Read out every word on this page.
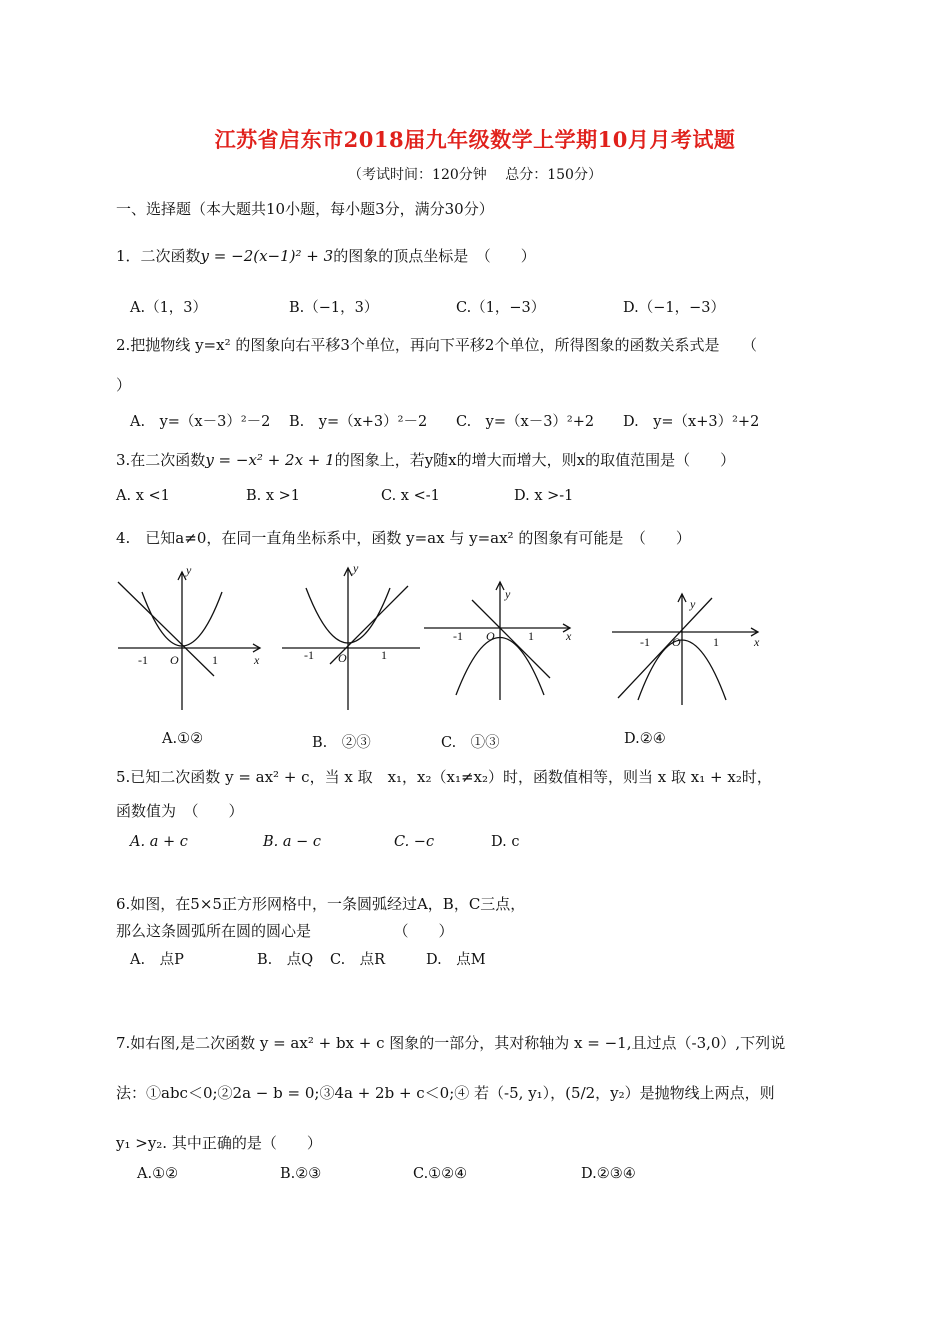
江苏省启东市2018届九年级数学上学期10月月考试题
（考试时间：120分钟　 总分：150分）
一、选择题（本大题共10小题，每小题3分，满分30分）
1．二次函数y = −2(x−1)² + 3的图象的顶点坐标是　（　　）
A.（1，3）	B.（−1，3）	C.（1，−3）	D.（−1，−3）
2.把抛物线 y=x² 的图象向右平移3个单位，再向下平移2个单位，所得图象的函数关系式是　　（
）
A.　y=（x－3）²－2 B.　y=（x+3）²－2 C.　y=（x－3）²+2 D.　y=（x+3）²+2
3.在二次函数y = −x² + 2x + 1的图象上，若y随x的增大而增大，则x的取值范围是（　　）
A. x <1	B. x >1	C. x <-1	D. x >-1
4.　已知a≠0，在同一直角坐标系中，函数 y=ax 与 y=ax² 的图象有可能是　（　　）
y
x
-1	1
O
y
-1	1
O
y
x
-1	1
O
y
x
-1	1
O
A.①②	B.　②③	C.　①③	D.②④
5.已知二次函数 y = ax² + c，当 x 取　x₁，x₂（x₁≠x₂）时，函数值相等，则当 x 取 x₁ + x₂时，
函数值为　（　　）
A. a + c	B. a − c	C. −c	D. c
6.如图，在5×5正方形网格中，一条圆弧经过A，B，C三点，
那么这条圆弧所在圆的圆心是　　　　　　（　　）
A.　点P	B.　点Q C.　点R	D.　点M
7.如右图,是二次函数 y = ax² + bx + c 图象的一部分，其对称轴为 x = −1,且过点（-3,0）,下列说
法：①abc＜0;②2a − b = 0;③4a + 2b + c＜0;④ 若（-5, y₁），(5/2，y₂）是抛物线上两点，则
y₁ >y₂. 其中正确的是（　　）
A.①②	B.②③	C.①②④	D.②③④
